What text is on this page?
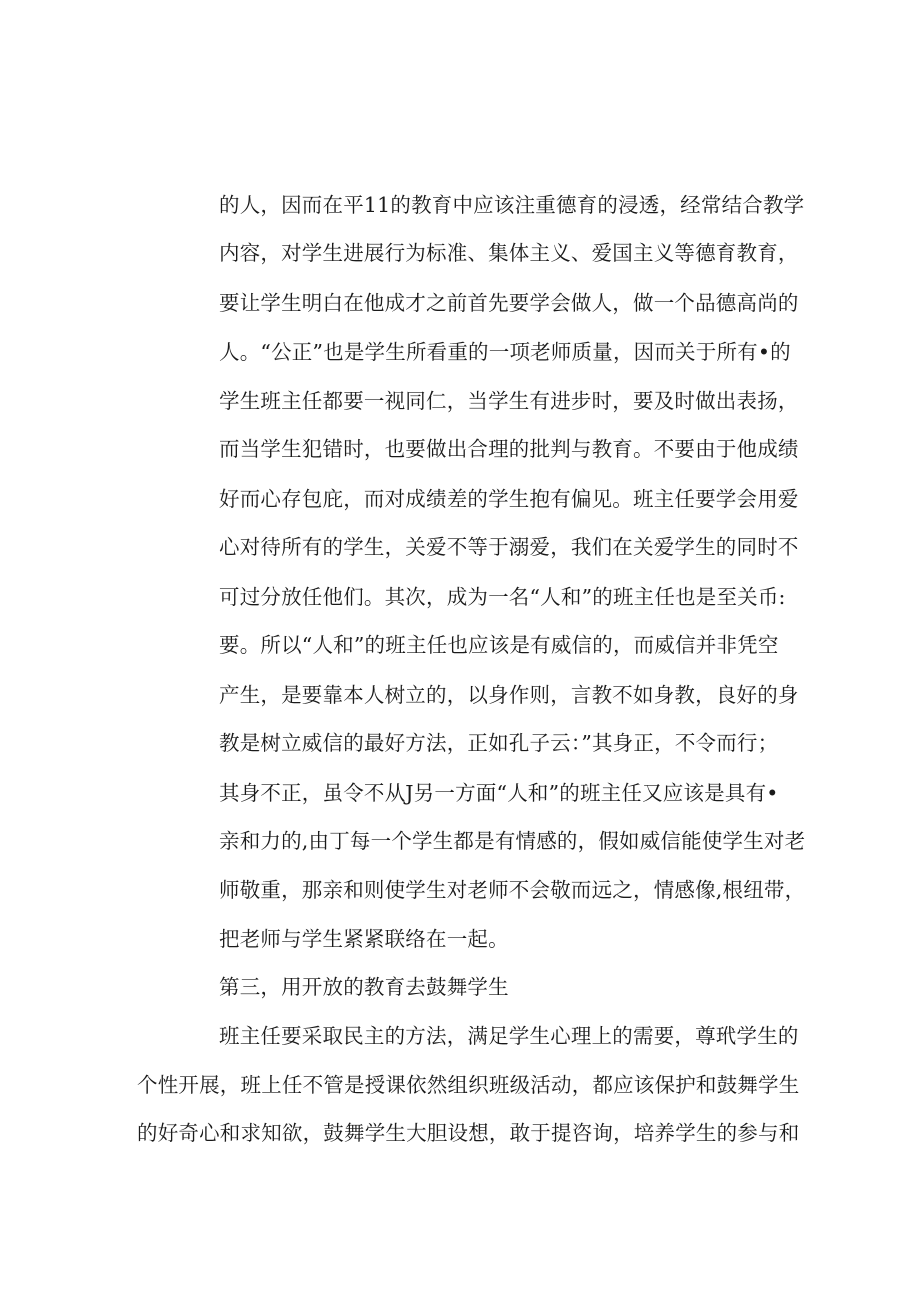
的人，因而在平11的教育中应该注重德育的浸透，经常结合教学
内容，对学生进展行为标准、集体主义、爱国主义等德育教育，
要让学生明白在他成才之前首先要学会做人，做一个品德高尚的
人。“公正”也是学生所看重的一项老师质量，因而关于所有•的
学生班主任都要一视同仁，当学生有进步时，要及时做出表扬，
而当学生犯错时，也要做出合理的批判与教育。不要由于他成绩
好而心存包庇，而对成绩差的学生抱有偏见。班主任要学会用爱
心对待所有的学生，关爱不等于溺爱，我们在关爱学生的同时不
可过分放任他们。其次，成为一名“人和”的班主任也是至关币:
要。所以“人和”的班主任也应该是有威信的，而威信并非凭空
产生，是要靠本人树立的，以身作则，言教不如身教，良好的身
教是树立威信的最好方法，正如孔子云：”其身正，不令而行；
其身不正，虽令不从J另一方面“人和”的班主任又应该是具有•
亲和力的,由丁每一个学生都是有情感的，假如威信能使学生对老
师敬重，那亲和则使学生对老师不会敬而远之，情感像,根纽带，
把老师与学生紧紧联络在一起。
第三，用开放的教育去鼓舞学生
班主任要采取民主的方法，满足学生心理上的需要，尊玳学生的
个性开展，班上任不管是授课依然组织班级活动，都应该保护和鼓舞学生
的好奇心和求知欲，鼓舞学生大胆设想，敢于提咨询，培养学生的参与和
